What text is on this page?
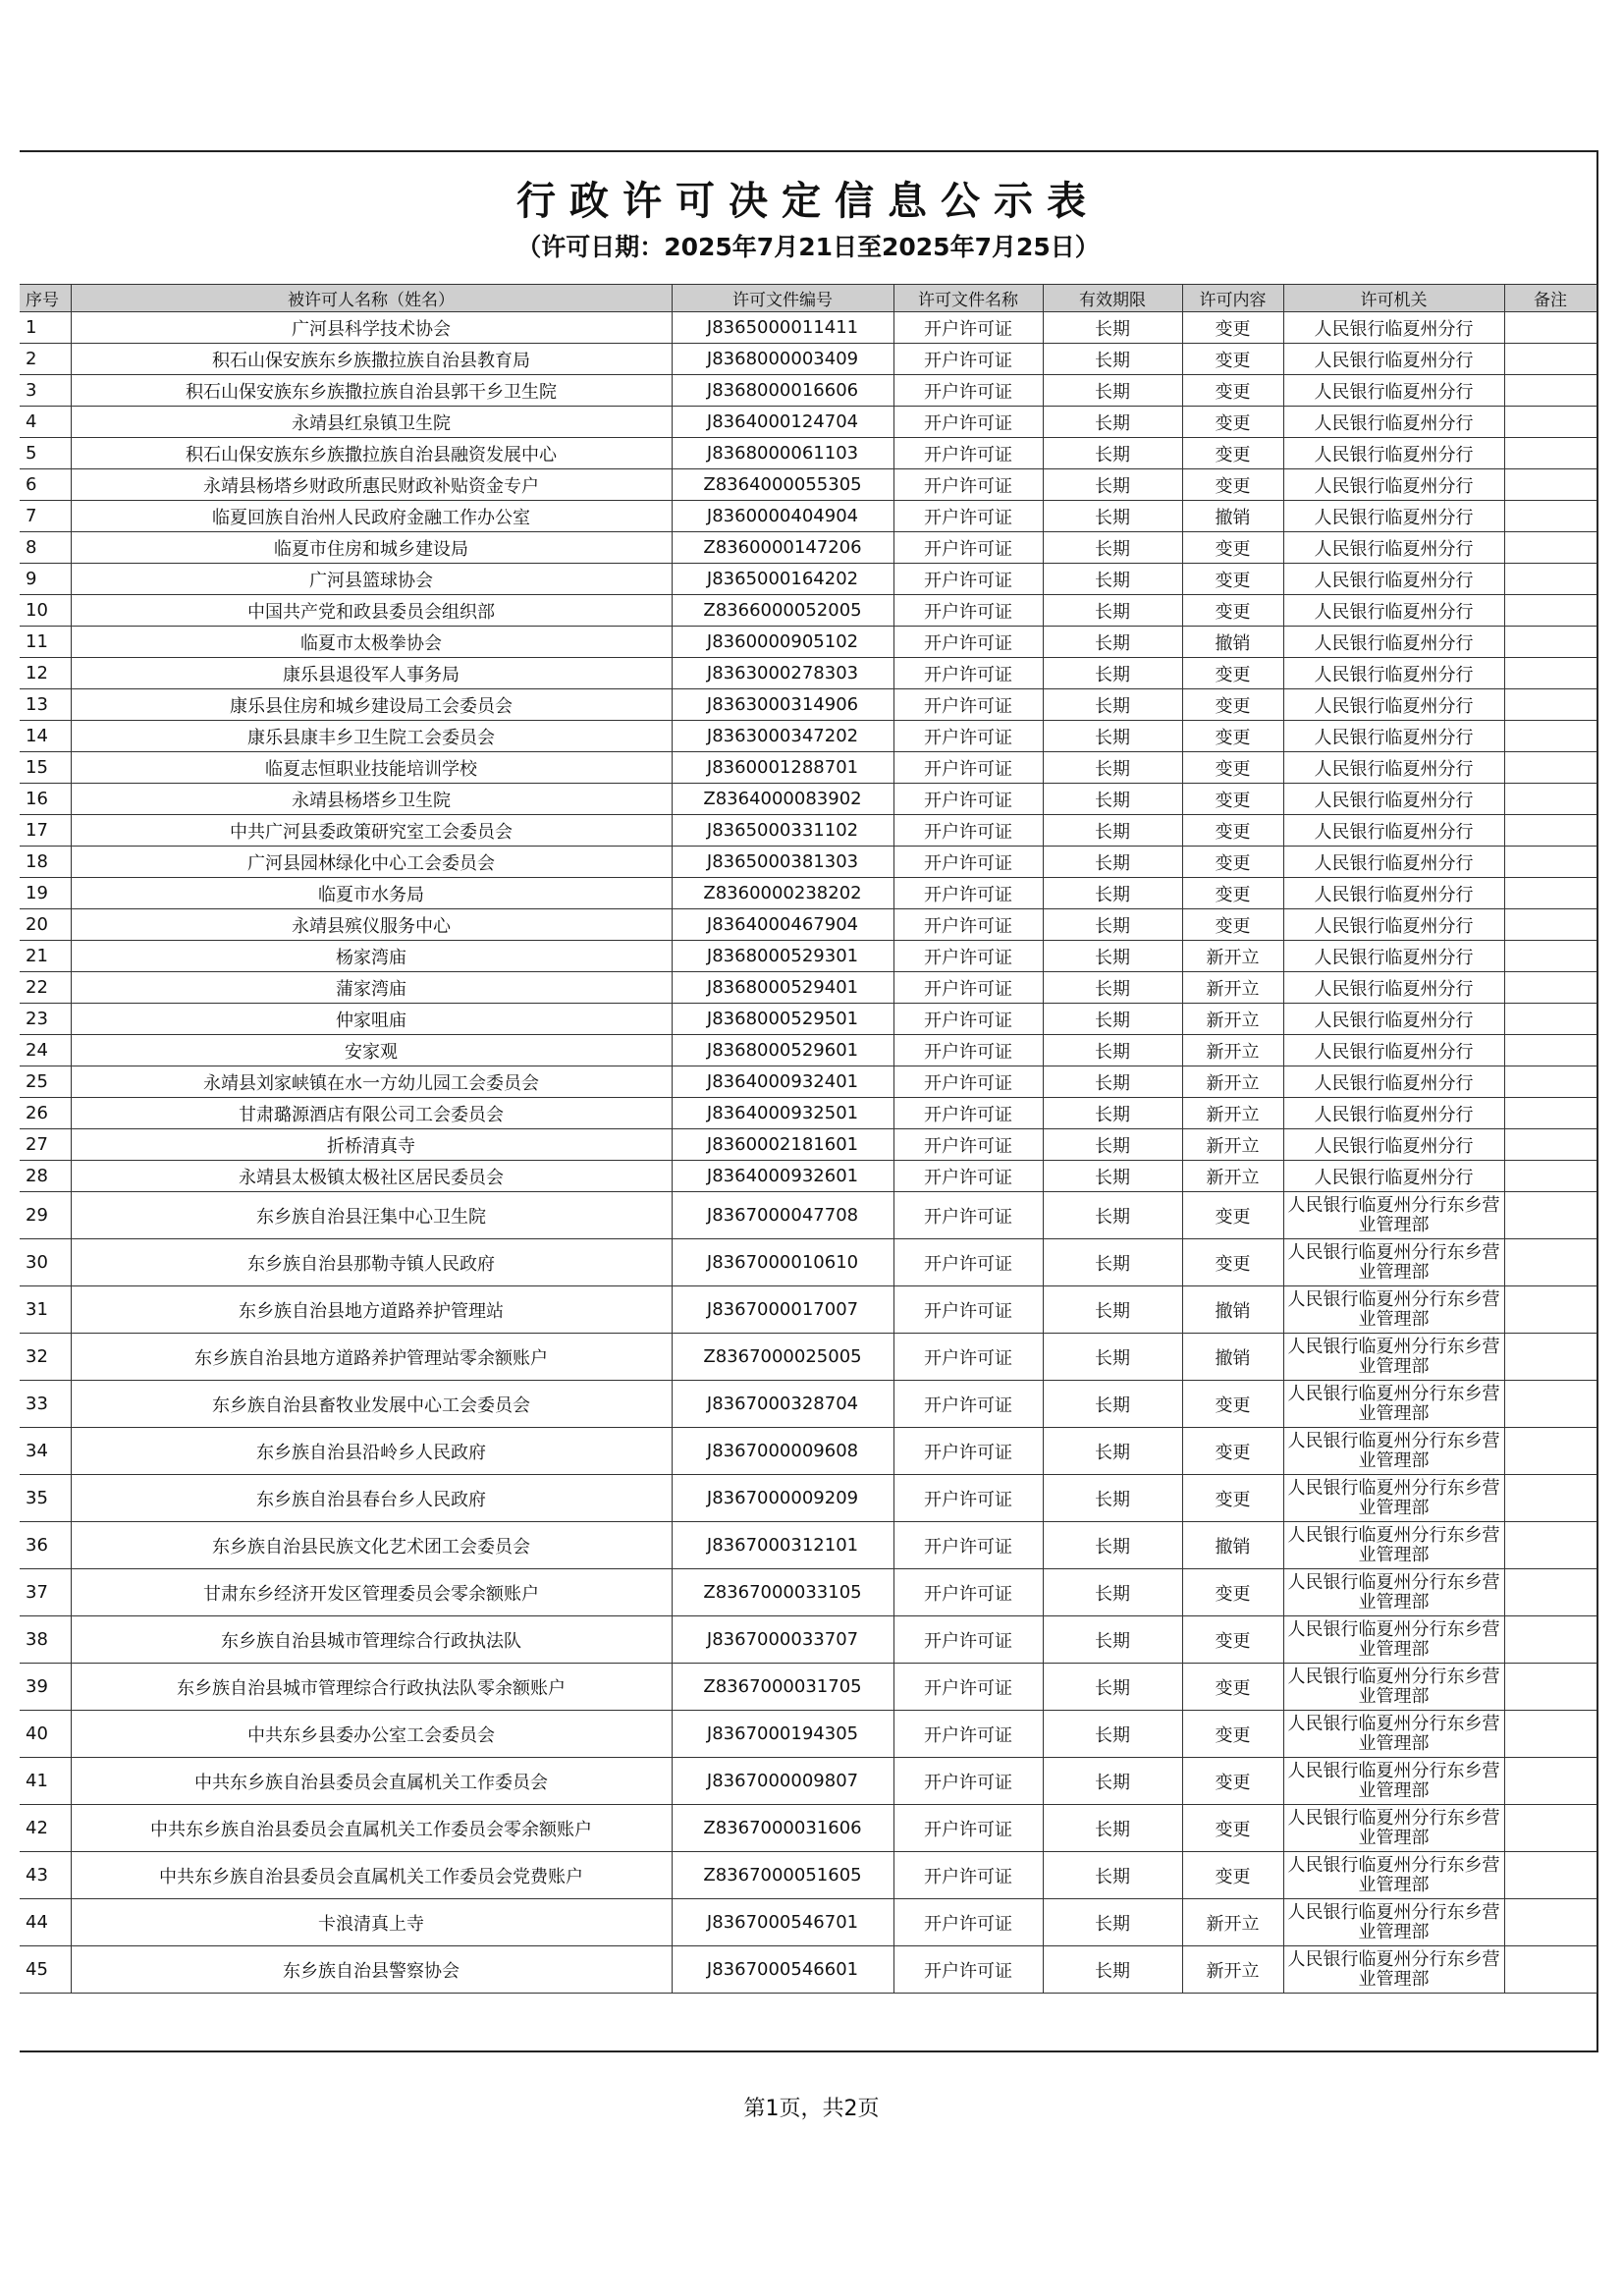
行政许可决定信息公示表
（许可日期：2025年7月21日至2025年7月25日）
序号	被许可人名称（姓名）	许可文件编号	许可文件名称	有效期限	许可内容	许可机关	备注
1	广河县科学技术协会	J8365000011411	开户许可证	长期	变更	人民银行临夏州分行	
2	积石山保安族东乡族撒拉族自治县教育局	J8368000003409	开户许可证	长期	变更	人民银行临夏州分行	
3	积石山保安族东乡族撒拉族自治县郭干乡卫生院	J8368000016606	开户许可证	长期	变更	人民银行临夏州分行	
4	永靖县红泉镇卫生院	J8364000124704	开户许可证	长期	变更	人民银行临夏州分行	
5	积石山保安族东乡族撒拉族自治县融资发展中心	J8368000061103	开户许可证	长期	变更	人民银行临夏州分行	
6	永靖县杨塔乡财政所惠民财政补贴资金专户	Z8364000055305	开户许可证	长期	变更	人民银行临夏州分行	
7	临夏回族自治州人民政府金融工作办公室	J8360000404904	开户许可证	长期	撤销	人民银行临夏州分行	
8	临夏市住房和城乡建设局	Z8360000147206	开户许可证	长期	变更	人民银行临夏州分行	
9	广河县篮球协会	J8365000164202	开户许可证	长期	变更	人民银行临夏州分行	
10	中国共产党和政县委员会组织部	Z8366000052005	开户许可证	长期	变更	人民银行临夏州分行	
11	临夏市太极拳协会	J8360000905102	开户许可证	长期	撤销	人民银行临夏州分行	
12	康乐县退役军人事务局	J8363000278303	开户许可证	长期	变更	人民银行临夏州分行	
13	康乐县住房和城乡建设局工会委员会	J8363000314906	开户许可证	长期	变更	人民银行临夏州分行	
14	康乐县康丰乡卫生院工会委员会	J8363000347202	开户许可证	长期	变更	人民银行临夏州分行	
15	临夏志恒职业技能培训学校	J8360001288701	开户许可证	长期	变更	人民银行临夏州分行	
16	永靖县杨塔乡卫生院	Z8364000083902	开户许可证	长期	变更	人民银行临夏州分行	
17	中共广河县委政策研究室工会委员会	J8365000331102	开户许可证	长期	变更	人民银行临夏州分行	
18	广河县园林绿化中心工会委员会	J8365000381303	开户许可证	长期	变更	人民银行临夏州分行	
19	临夏市水务局	Z8360000238202	开户许可证	长期	变更	人民银行临夏州分行	
20	永靖县殡仪服务中心	J8364000467904	开户许可证	长期	变更	人民银行临夏州分行	
21	杨家湾庙	J8368000529301	开户许可证	长期	新开立	人民银行临夏州分行	
22	蒲家湾庙	J8368000529401	开户许可证	长期	新开立	人民银行临夏州分行	
23	仲家咀庙	J8368000529501	开户许可证	长期	新开立	人民银行临夏州分行	
24	安家观	J8368000529601	开户许可证	长期	新开立	人民银行临夏州分行	
25	永靖县刘家峡镇在水一方幼儿园工会委员会	J8364000932401	开户许可证	长期	新开立	人民银行临夏州分行	
26	甘肃璐源酒店有限公司工会委员会	J8364000932501	开户许可证	长期	新开立	人民银行临夏州分行	
27	折桥清真寺	J8360002181601	开户许可证	长期	新开立	人民银行临夏州分行	
28	永靖县太极镇太极社区居民委员会	J8364000932601	开户许可证	长期	新开立	人民银行临夏州分行	
29	东乡族自治县汪集中心卫生院	J8367000047708	开户许可证	长期	变更	人民银行临夏州分行东乡营业管理部	
30	东乡族自治县那勒寺镇人民政府	J8367000010610	开户许可证	长期	变更	人民银行临夏州分行东乡营业管理部	
31	东乡族自治县地方道路养护管理站	J8367000017007	开户许可证	长期	撤销	人民银行临夏州分行东乡营业管理部	
32	东乡族自治县地方道路养护管理站零余额账户	Z8367000025005	开户许可证	长期	撤销	人民银行临夏州分行东乡营业管理部	
33	东乡族自治县畜牧业发展中心工会委员会	J8367000328704	开户许可证	长期	变更	人民银行临夏州分行东乡营业管理部	
34	东乡族自治县沿岭乡人民政府	J8367000009608	开户许可证	长期	变更	人民银行临夏州分行东乡营业管理部	
35	东乡族自治县春台乡人民政府	J8367000009209	开户许可证	长期	变更	人民银行临夏州分行东乡营业管理部	
36	东乡族自治县民族文化艺术团工会委员会	J8367000312101	开户许可证	长期	撤销	人民银行临夏州分行东乡营业管理部	
37	甘肃东乡经济开发区管理委员会零余额账户	Z8367000033105	开户许可证	长期	变更	人民银行临夏州分行东乡营业管理部	
38	东乡族自治县城市管理综合行政执法队	J8367000033707	开户许可证	长期	变更	人民银行临夏州分行东乡营业管理部	
39	东乡族自治县城市管理综合行政执法队零余额账户	Z8367000031705	开户许可证	长期	变更	人民银行临夏州分行东乡营业管理部	
40	中共东乡县委办公室工会委员会	J8367000194305	开户许可证	长期	变更	人民银行临夏州分行东乡营业管理部	
41	中共东乡族自治县委员会直属机关工作委员会	J8367000009807	开户许可证	长期	变更	人民银行临夏州分行东乡营业管理部	
42	中共东乡族自治县委员会直属机关工作委员会零余额账户	Z8367000031606	开户许可证	长期	变更	人民银行临夏州分行东乡营业管理部	
43	中共东乡族自治县委员会直属机关工作委员会党费账户	Z8367000051605	开户许可证	长期	变更	人民银行临夏州分行东乡营业管理部	
44	卡浪清真上寺	J8367000546701	开户许可证	长期	新开立	人民银行临夏州分行东乡营业管理部	
45	东乡族自治县警察协会	J8367000546601	开户许可证	长期	新开立	人民银行临夏州分行东乡营业管理部	
第1页，共2页
